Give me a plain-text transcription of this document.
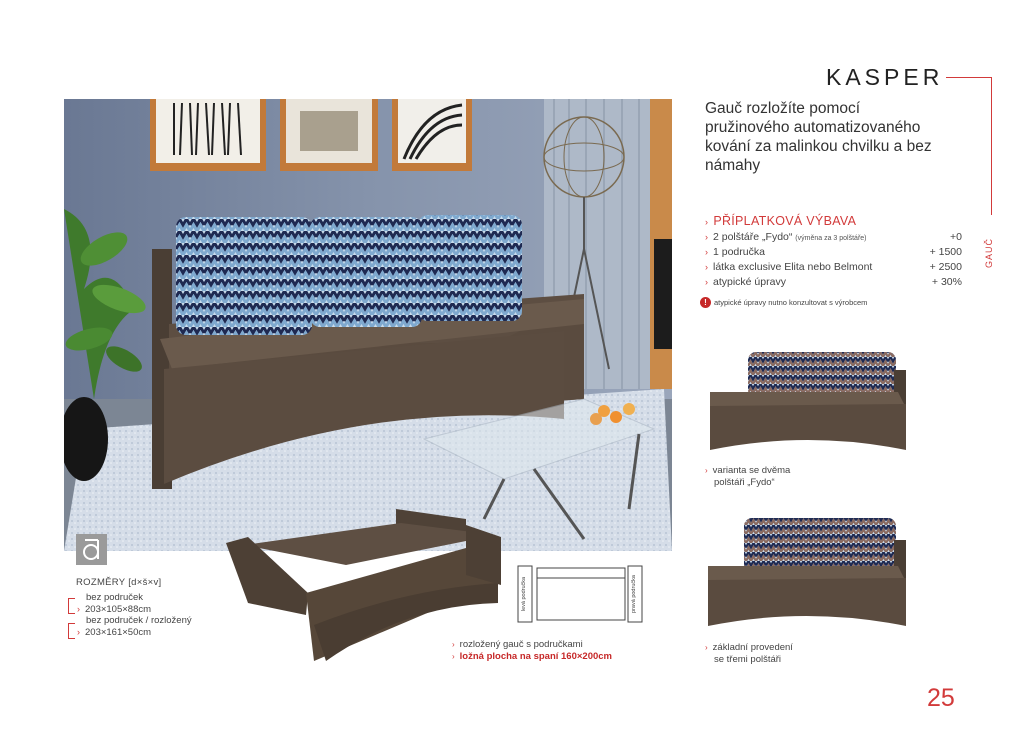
KASPER
GAUČ
Gauč rozložíte pomocí pružinového automatizovaného kování za malinkou chvilku a bez námahy
› PŘÍPLATKOVÁ VÝBAVA
› 2 polštáře „Fydo“ (výměna za 3 polštáře)	+0
› 1 područka	+ 1500
› látka exclusive Elita nebo Belmont	+ 2500
› atypické úpravy	+ 30%
! atypické úpravy nutno konzultovat s výrobcem
› varianta se dvěma
polštáři „Fydo“
› základní provedení
se třemi polštáři
ROZMĚRY [d×š×v]
bez područek
› 203×105×88cm
bez područek / rozložený
› 203×161×50cm
levá područka	pravá područka
› rozložený gauč s područkami
› ložná plocha na spaní 160×200cm
25
